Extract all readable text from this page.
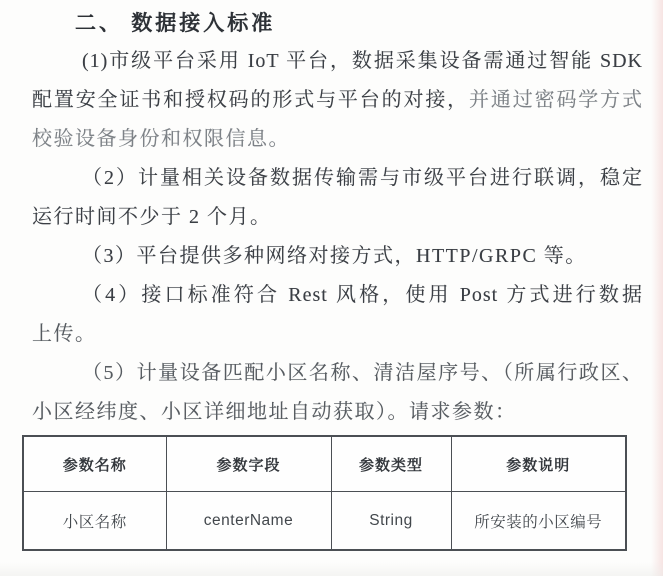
二、 数据接入标准
(1)市级平台采用 IoT 平台，数据采集设备需通过智能 SDK
配置安全证书和授权码的形式与平台的对接，并通过密码学方式
校验设备身份和权限信息。
（2）计量相关设备数据传输需与市级平台进行联调，稳定
运行时间不少于 2 个月。
（3）平台提供多种网络对接方式，HTTP/GRPC 等。
（4）接口标准符合 Rest 风格，使用 Post 方式进行数据
上传。
（5）计量设备匹配小区名称、清洁屋序号、（所属行政区、
小区经纬度、小区详细地址自动获取）。请求参数：
参数名称	参数字段	参数类型	参数说明
小区名称	centerName	String	所安装的小区编号
